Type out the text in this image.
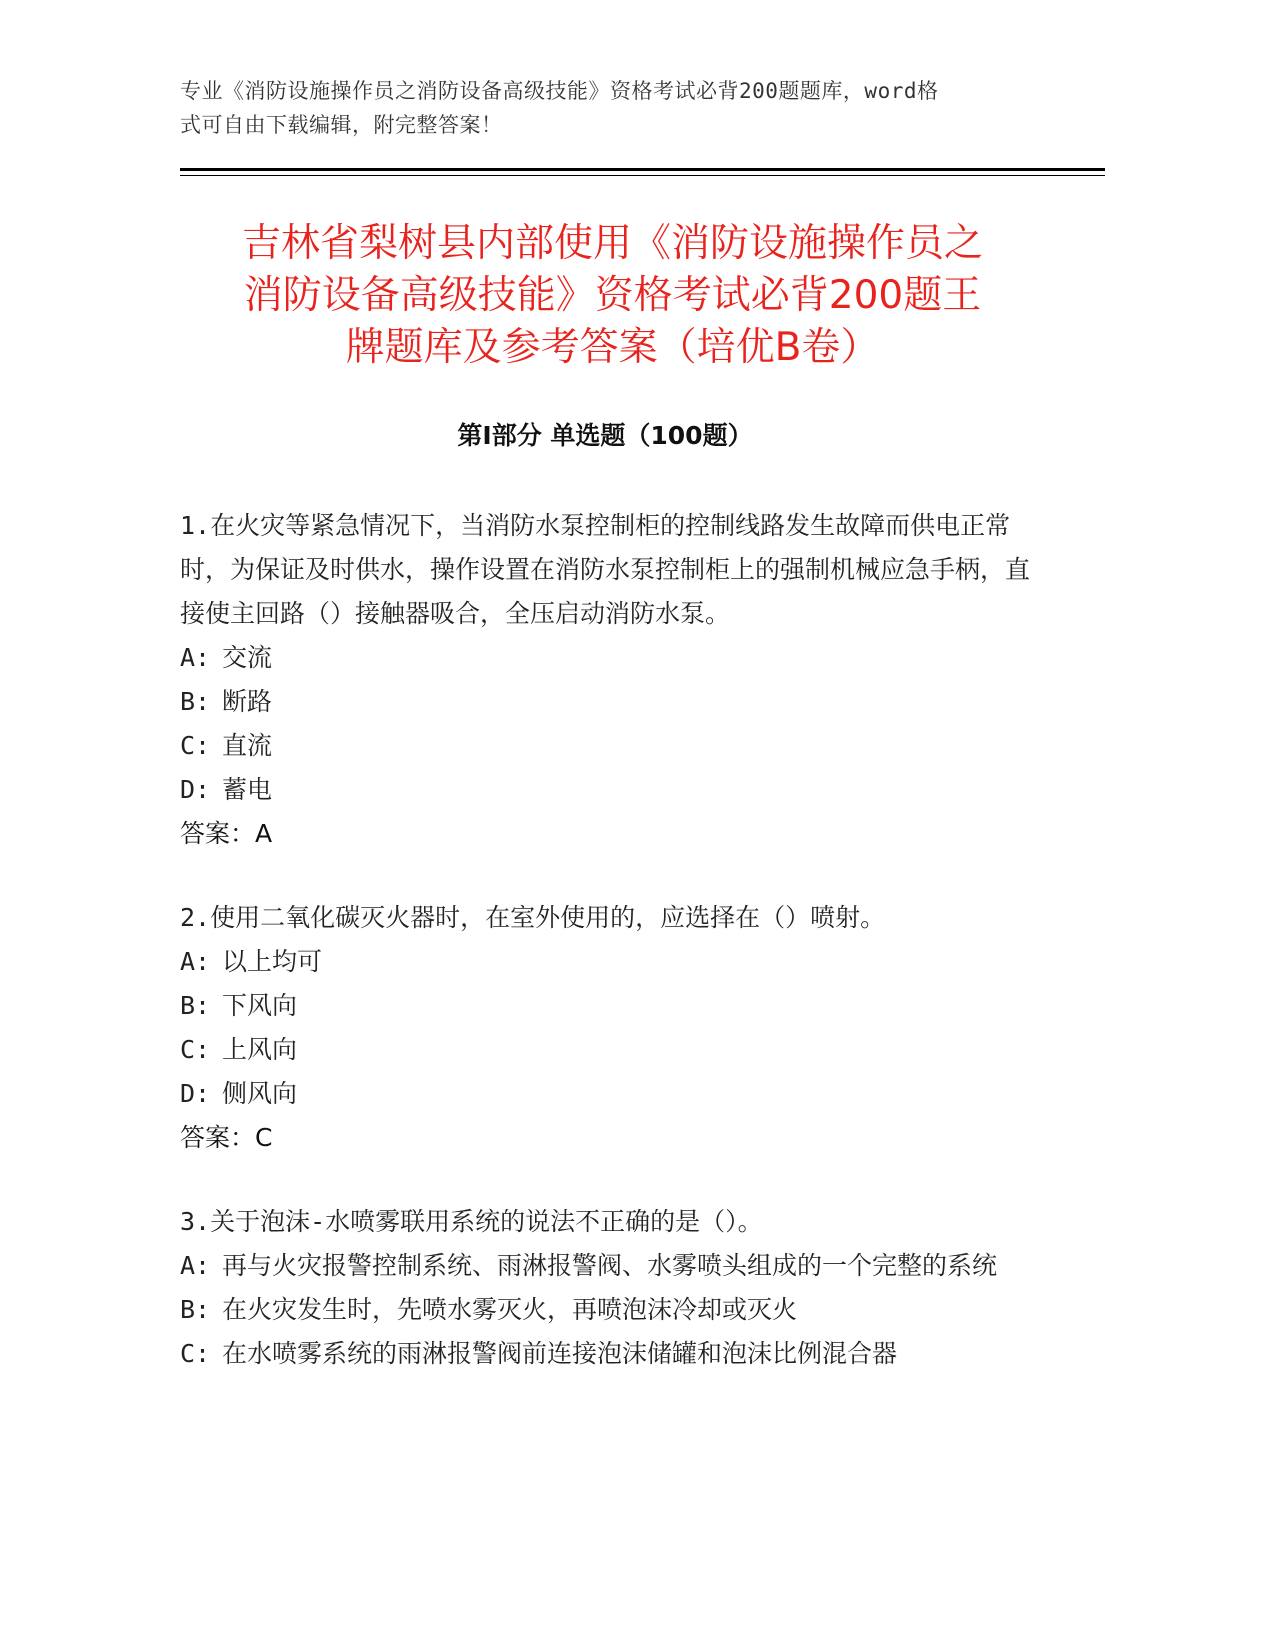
专业《消防设施操作员之消防设备高级技能》资格考试必背200题题库，word格
式可自由下载编辑，附完整答案！
吉林省梨树县内部使用《消防设施操作员之
消防设备高级技能》资格考试必背200题王
牌题库及参考答案（培优B卷）
第Ⅰ部分 单选题（100题）

1.在火灾等紧急情况下，当消防水泵控制柜的控制线路发生故障而供电正常时，为保证及时供水，操作设置在消防水泵控制柜上的强制机械应急手柄，直接使主回路（）接触器吸合，全压启动消防水泵。

A: 交流

B: 断路

C: 直流

D: 蓄电

答案：A

2.使用二氧化碳灭火器时，在室外使用的，应选择在（）喷射。

A: 以上均可

B: 下风向

C: 上风向

D: 侧风向

答案：C

3.关于泡沫-水喷雾联用系统的说法不正确的是（）。

A: 再与火灾报警控制系统、雨淋报警阀、水雾喷头组成的一个完整的系统

B: 在火灾发生时，先喷水雾灭火，再喷泡沫冷却或灭火

C: 在水喷雾系统的雨淋报警阀前连接泡沫储罐和泡沫比例混合器
